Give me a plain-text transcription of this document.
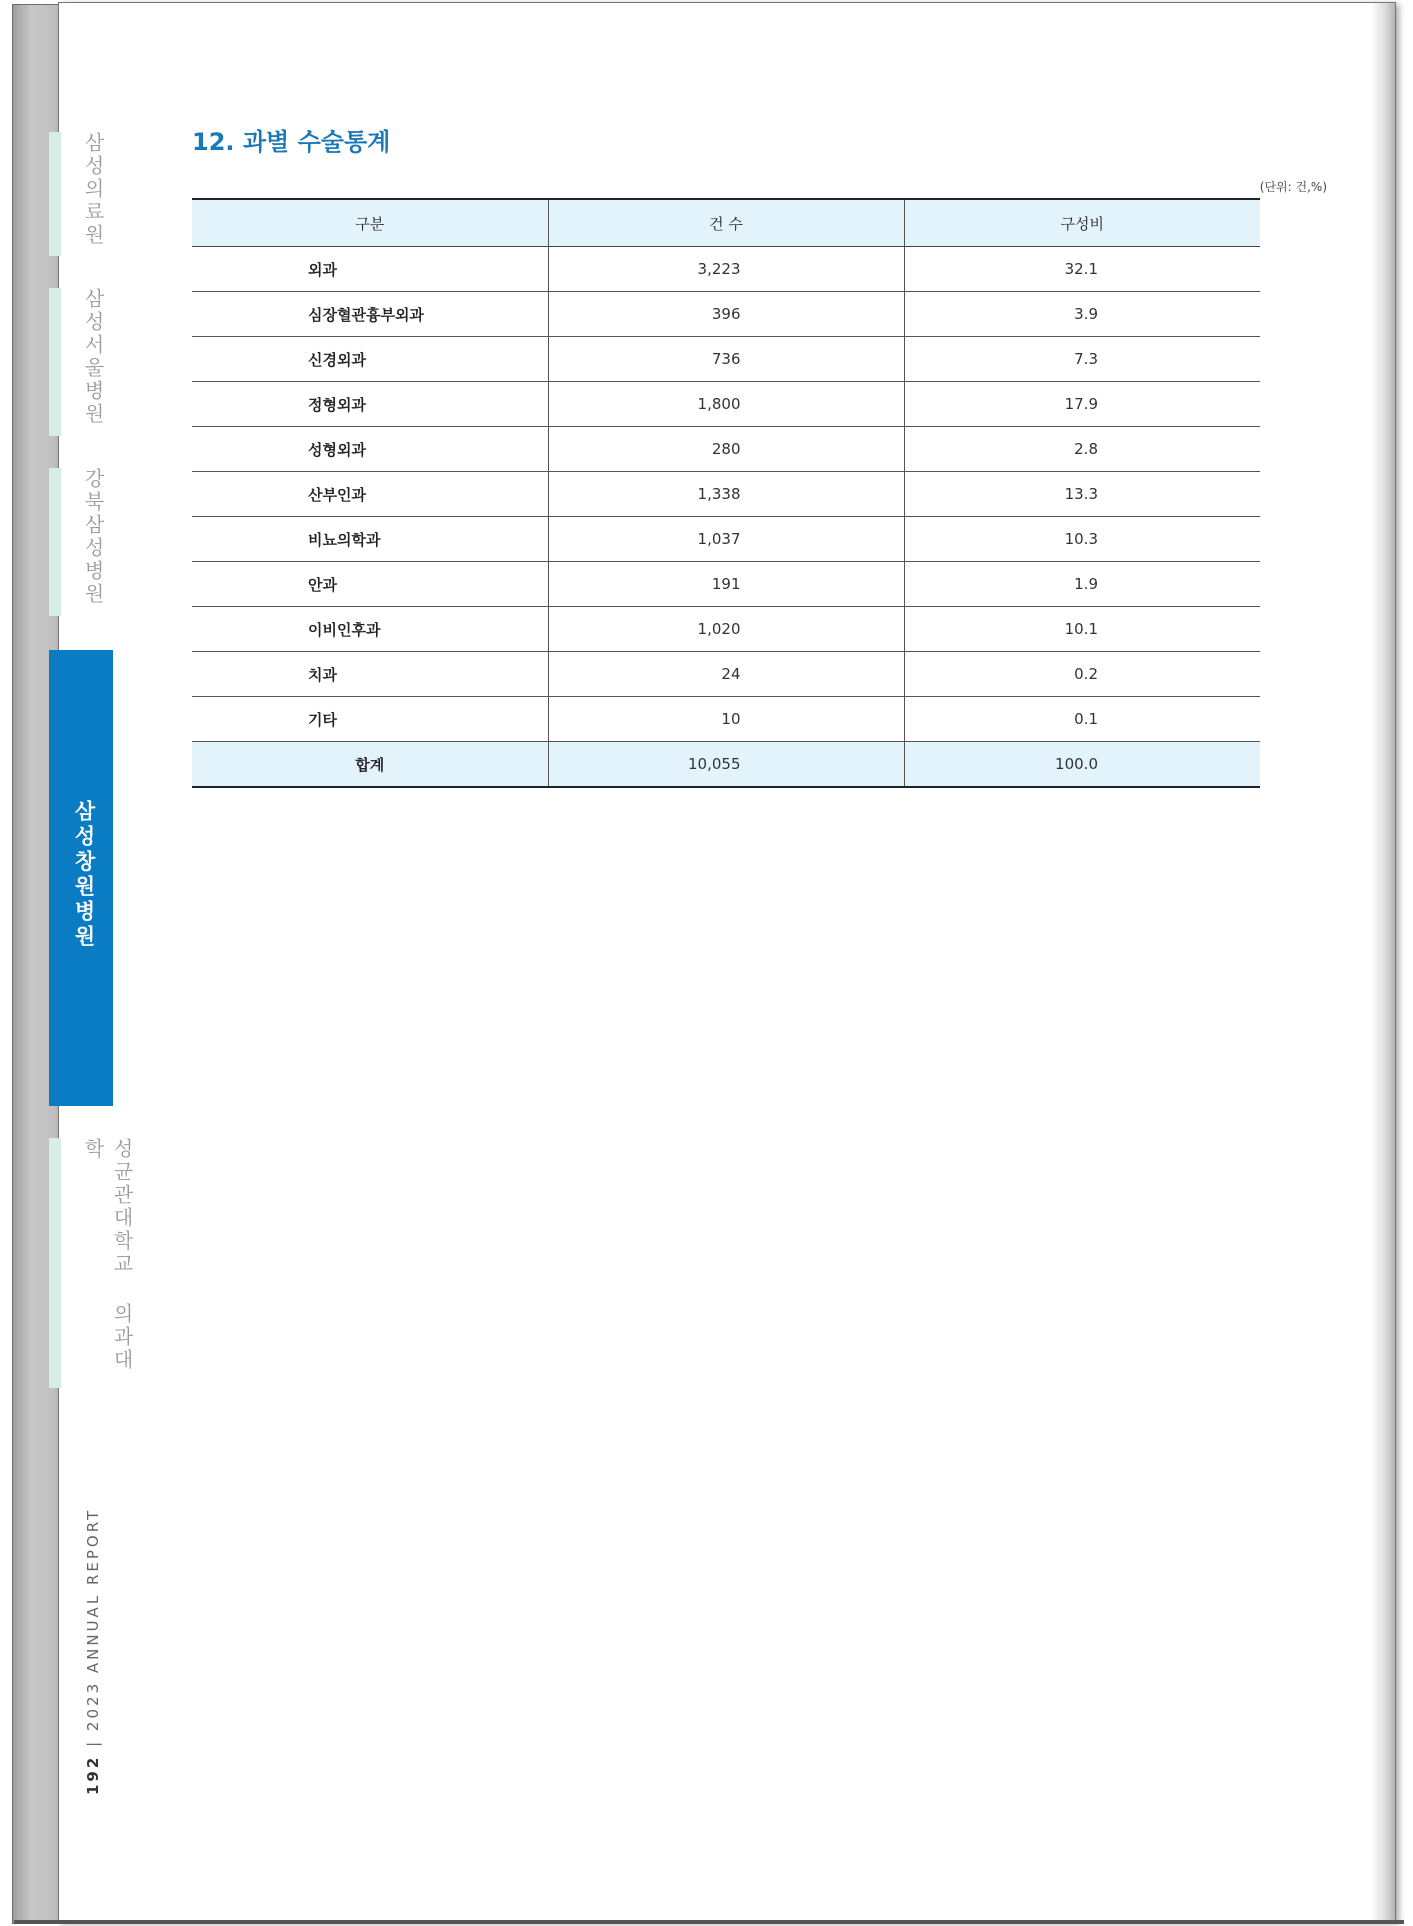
삼성의료원
삼성서울병원
강북삼성병원
삼성창원병원
성균관대학교 의과대학
192 | 2023 ANNUAL REPORT
12. 과별 수술통계
(단위: 건,%)
구분	건 수	구성비
외과	3,223	32.1
심장혈관흉부외과	396	3.9
신경외과	736	7.3
정형외과	1,800	17.9
성형외과	280	2.8
산부인과	1,338	13.3
비뇨의학과	1,037	10.3
안과	191	1.9
이비인후과	1,020	10.1
치과	24	0.2
기타	10	0.1
합계	10,055	100.0
